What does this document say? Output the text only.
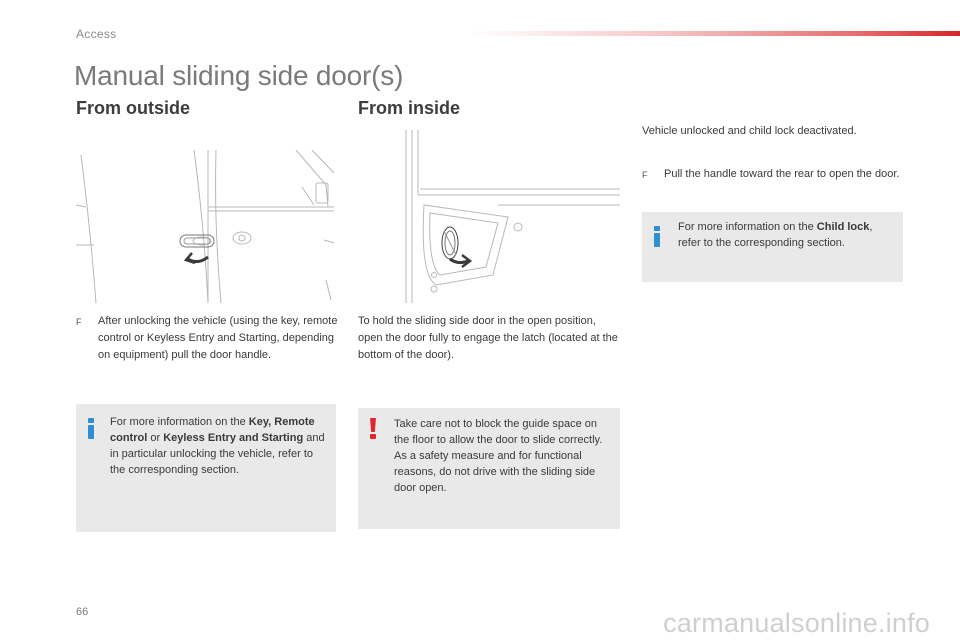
Access
Manual sliding side door(s)
From outside	From inside
F	After unlocking the vehicle (using the key, remote control or Keyless Entry and Starting, depending on equipment) pull the door handle.
For more information on the Key, Remote control or Keyless Entry and Starting and in particular unlocking the vehicle, refer to the corresponding section.
To hold the sliding side door in the open position, open the door fully to engage the latch (located at the bottom of the door).
Take care not to block the guide space on the floor to allow the door to slide correctly.
As a safety measure and for functional reasons, do not drive with the sliding side door open.
Vehicle unlocked and child lock deactivated.
F	Pull the handle toward the rear to open the door.
For more information on the Child lock, refer to the corresponding section.
66	carmanualsonline.info
